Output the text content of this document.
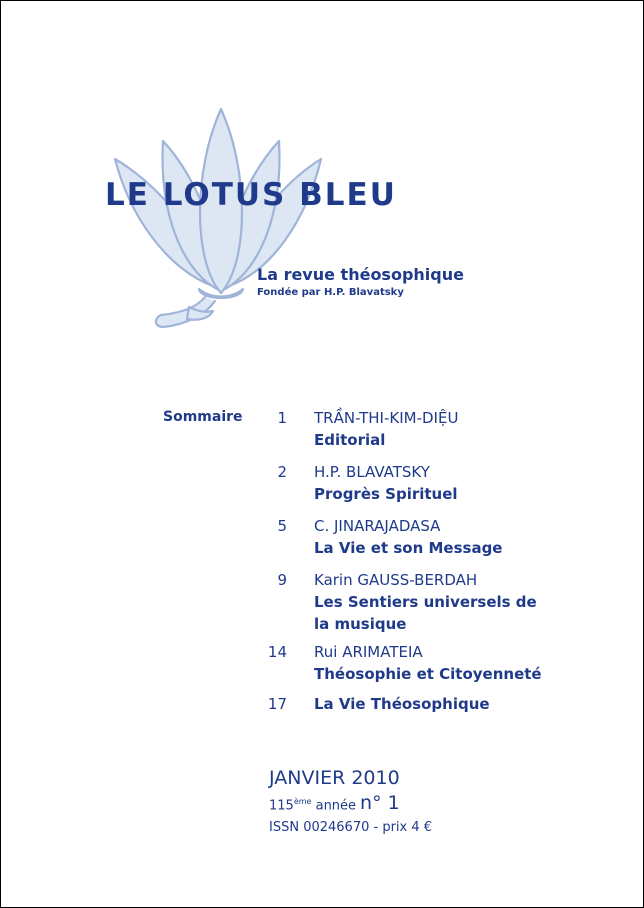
LE LOTUS BLEU
La revue théosophique
Fondée par H.P. Blavatsky
Sommaire	1 TRẦN-THI-KIM-DIỆU
Editorial
2 H.P. BLAVATSKY
Progrès Spirituel
5 C. JINARAJADASA
La Vie et son Message
9 Karin GAUSS-BERDAH
Les Sentiers universels de la musique
14 Rui ARIMATEIA
Théosophie et Citoyenneté
17 La Vie Théosophique
JANVIER 2010
115ème année n° 1
ISSN 00246670 - prix 4 €
